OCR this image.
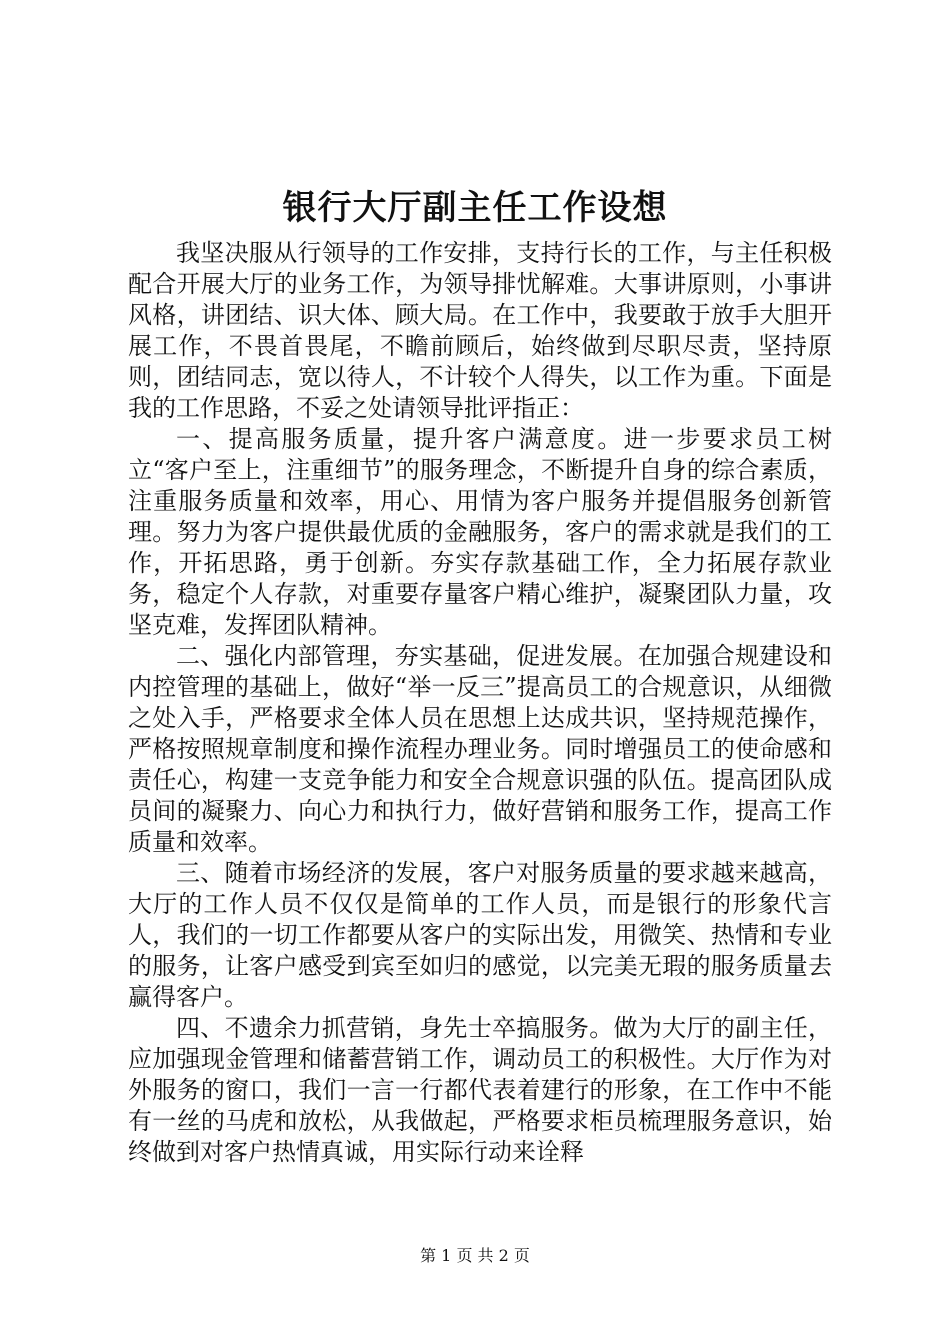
银行大厅副主任工作设想

我坚决服从行领导的工作安排，支持行长的工作，与主任积极配合开展大厅的业务工作，为领导排忧解难。大事讲原则，小事讲风格，讲团结、识大体、顾大局。在工作中，我要敢于放手大胆开展工作，不畏首畏尾，不瞻前顾后，始终做到尽职尽责，坚持原则，团结同志，宽以待人，不计较个人得失，以工作为重。下面是我的工作思路，不妥之处请领导批评指正：

一、提高服务质量，提升客户满意度。进一步要求员工树立“客户至上，注重细节”的服务理念，不断提升自身的综合素质，注重服务质量和效率，用心、用情为客户服务并提倡服务创新管理。努力为客户提供最优质的金融服务，客户的需求就是我们的工作，开拓思路，勇于创新。夯实存款基础工作，全力拓展存款业务，稳定个人存款，对重要存量客户精心维护，凝聚团队力量，攻坚克难，发挥团队精神。

二、强化内部管理，夯实基础，促进发展。在加强合规建设和内控管理的基础上，做好“举一反三”提高员工的合规意识，从细微之处入手，严格要求全体人员在思想上达成共识，坚持规范操作，严格按照规章制度和操作流程办理业务。同时增强员工的使命感和责任心，构建一支竞争能力和安全合规意识强的队伍。提高团队成员间的凝聚力、向心力和执行力，做好营销和服务工作，提高工作质量和效率。

三、随着市场经济的发展，客户对服务质量的要求越来越高，大厅的工作人员不仅仅是简单的工作人员，而是银行的形象代言人，我们的一切工作都要从客户的实际出发，用微笑、热情和专业的服务，让客户感受到宾至如归的感觉，以完美无瑕的服务质量去赢得客户。

四、不遗余力抓营销，身先士卒搞服务。做为大厅的副主任，应加强现金管理和储蓄营销工作，调动员工的积极性。大厅作为对外服务的窗口，我们一言一行都代表着建行的形象，在工作中不能有一丝的马虎和放松，从我做起，严格要求柜员梳理服务意识，始终做到对客户热情真诚，用实际行动来诠释

第 1 页 共 2 页
